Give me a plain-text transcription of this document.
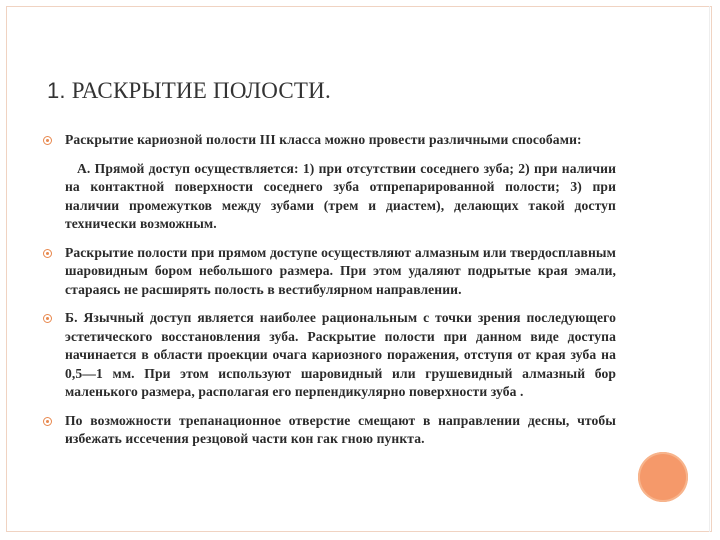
1. РАСКРЫТИЕ ПОЛОСТИ.
Раскрытие кариозной полости III класса можно провести различными способами:
А. Прямой доступ осуществляется: 1) при отсутствии соседнего зуба; 2) при наличии на контактной поверхности соседнего зуба отпрепарированной полости; 3) при наличии промежутков между зубами (трем и диастем), делающих такой доступ технически возможным.
Раскрытие полости при прямом доступе осуществляют алмазным или твердосплавным шаровидным бором небольшого размера. При этом удаляют подрытые края эмали, стараясь не расширять полость в вестибулярном направлении.
Б. Язычный доступ является наиболее рациональным с точки зрения последующего эстетического восстановления зуба. Раскрытие полости при данном виде доступа начинается в области проекции очага кариозного поражения, отступя от края зуба на 0,5—1 мм. При этом используют шаровидный или грушевидный алмазный бор маленького размера, располагая его перпендикулярно поверхности зуба .
По возможности трепанационное отверстие смещают в направлении десны, чтобы избежать иссечения резцовой части кон гак гною пункта.
